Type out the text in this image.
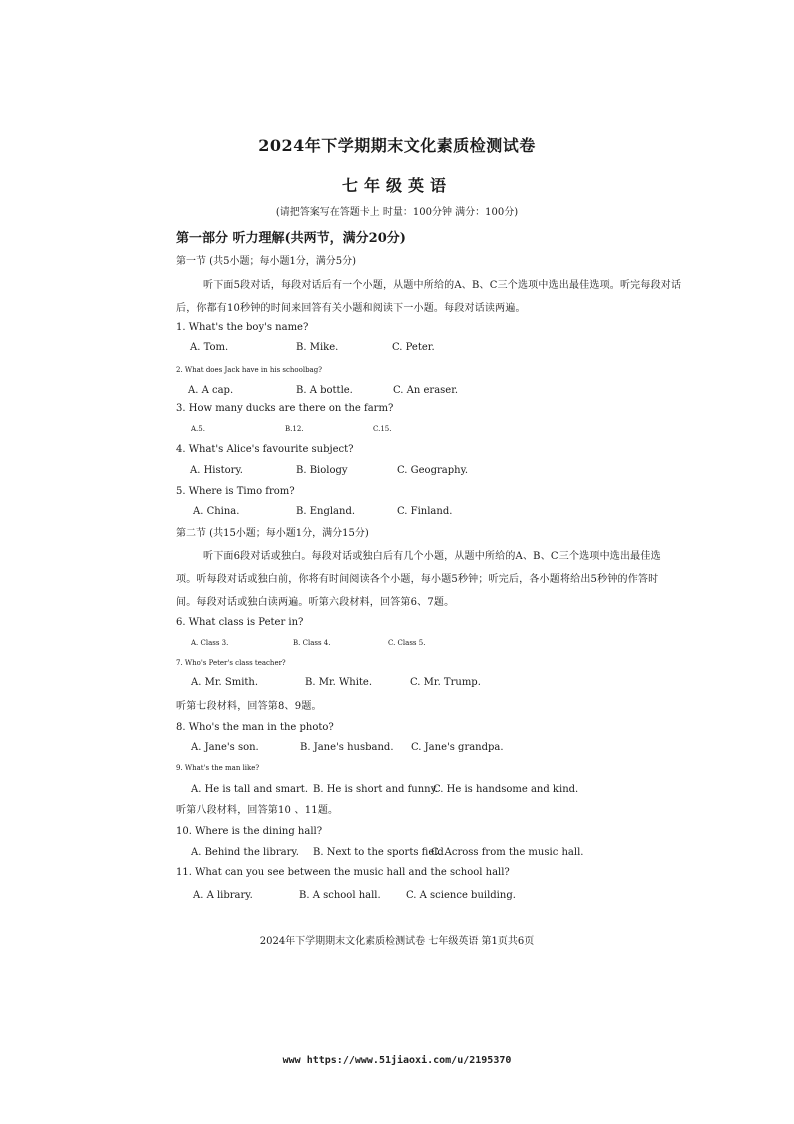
2024年下学期期末文化素质检测试卷
七年级英语
(请把答案写在答题卡上 时量：100分钟 满分：100分)
第一部分 听力理解(共两节，满分20分)
第一节 (共5小题；每小题1分，满分5分)
听下面5段对话，每段对话后有一个小题，从题中所给的A、B、C三个选项中选出最佳选项。听完每段对话
后，你都有10秒钟的时间来回答有关小题和阅读下一小题。每段对话读两遍。
1. What's the boy's name?
A. Tom.	B. Mike.	C. Peter.
2. What does Jack have in his schoolbag?
A. A cap.	B. A bottle.	C. An eraser.
3. How many ducks are there on the farm?
A.5.	B.12.	C.15.
4. What's Alice's favourite subject?
A. History.	B. Biology	C. Geography.
5. Where is Timo from?
A. China.	B. England.	C. Finland.
第二节 (共15小题；每小题1分，满分15分)
听下面6段对话或独白。每段对话或独白后有几个小题，从题中所给的A、B、C三个选项中选出最佳选
项。听每段对话或独白前，你将有时间阅读各个小题，每小题5秒钟；听完后，各小题将给出5秒钟的作答时
间。每段对话或独白读两遍。听第六段材料，回答第6、7题。
6. What class is Peter in?
A. Class 3.	B. Class 4.	C. Class 5.
7. Who's Peter's class teacher?
A. Mr. Smith.	B. Mr. White.	C. Mr. Trump.
听第七段材料，回答第8、9题。
8. Who's the man in the photo?
A. Jane's son.	B. Jane's husband. C. Jane's grandpa.
9. What's the man like?
A. He is tall and smart. B. He is short and funny.
C. He is handsome and kind.
听第八段材料，回答第10 、11题。
10. Where is the dining hall?
A. Behind the library. B. Next to the sports field.
C. Across from the music hall.
11. What can you see between the music hall and the school hall?
A. A library.	B. A school hall.	C. A science building.
2024年下学期期末文化素质检测试卷 七年级英语 第1页共6页
www https://www.51jiaoxi.com/u/2195370
